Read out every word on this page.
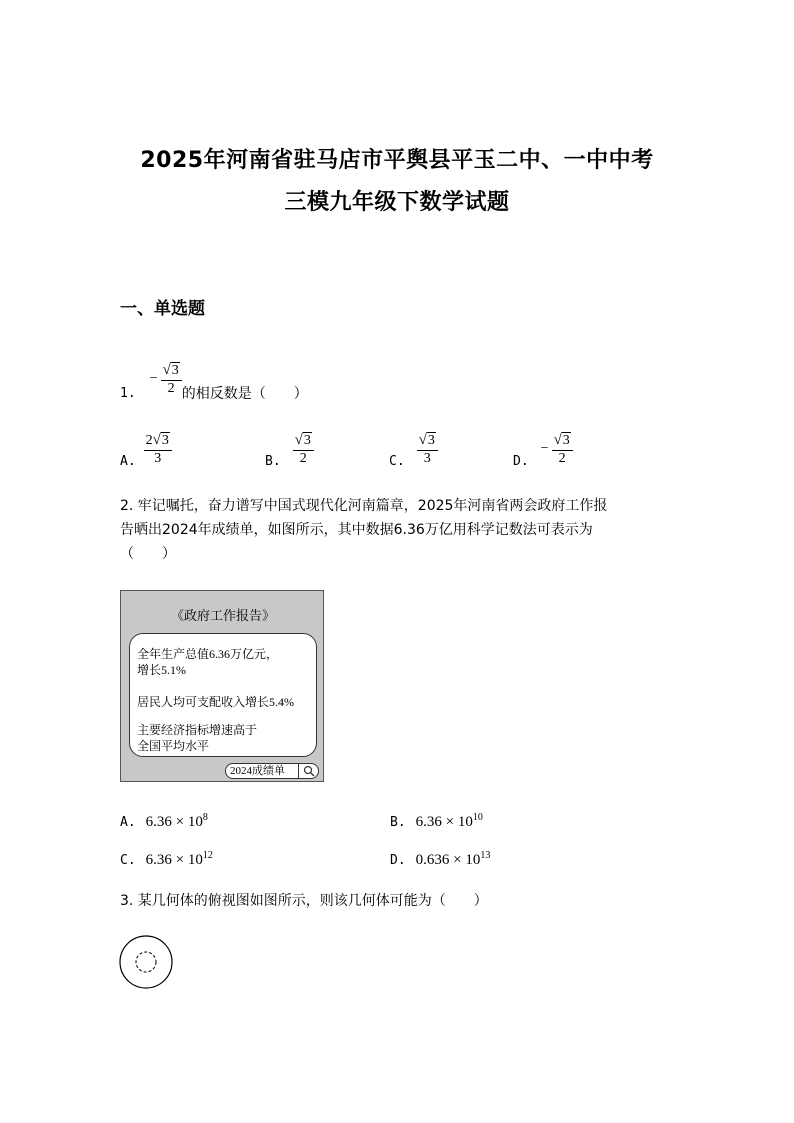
2025年河南省驻马店市平舆县平玉二中、一中中考
三模九年级下数学试题
一、单选题
1.
− $\frac{√3}{2}$ 的相反数是（　　）
A. $\frac{2√3}{3}$	B. $\frac{√3}{2}$	C. $\frac{√3}{3}$	D.
− $\frac{√3}{2}$
2. 牢记嘱托，奋力谱写中国式现代化河南篇章，2025年河南省两会政府工作报
告晒出2024年成绩单，如图所示，其中数据6.36万亿用科学记数法可表示为
（　　）
《政府工作报告》

全年生产总值6.36万亿元，

增长5.1%

居民人均可支配收入增长5.4%

主要经济指标增速高于

全国平均水平

2024成绩单
A. $6.36 \times 10^8$	B. $6.36 \times 10^{10}$
C. $6.36 \times 10^{12}$	D. $0.636 \times 10^{13}$
3. 某几何体的俯视图如图所示，则该几何体可能为（　　）
